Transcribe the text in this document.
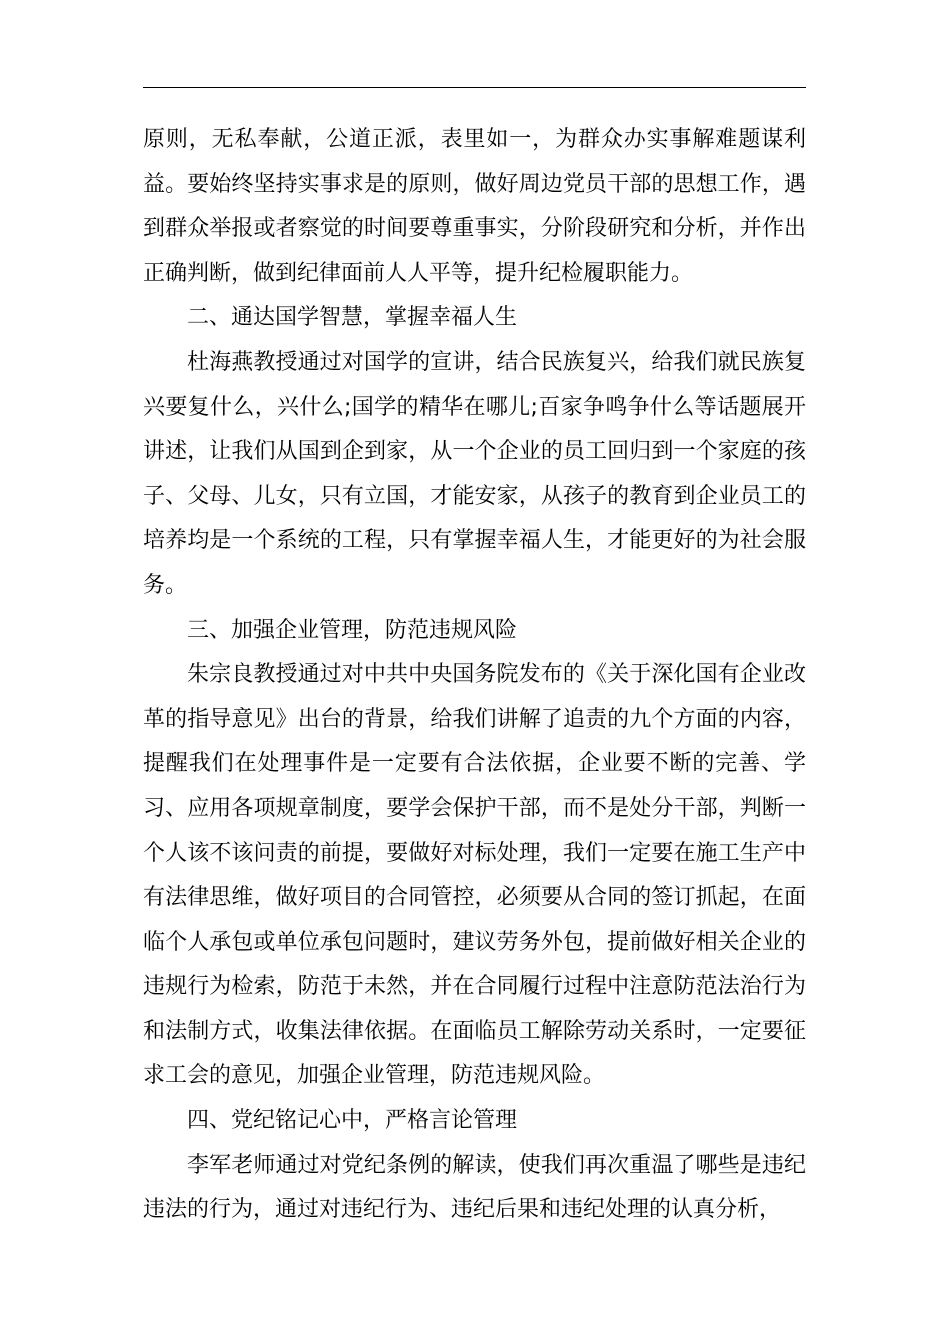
原则，无私奉献，公道正派，表里如一，为群众办实事解难题谋利益。要始终坚持实事求是的原则，做好周边党员干部的思想工作，遇到群众举报或者察觉的时间要尊重事实，分阶段研究和分析，并作出正确判断，做到纪律面前人人平等，提升纪检履职能力。

二、通达国学智慧，掌握幸福人生

杜海燕教授通过对国学的宣讲，结合民族复兴，给我们就民族复兴要复什么，兴什么;国学的精华在哪儿;百家争鸣争什么等话题展开讲述，让我们从国到企到家，从一个企业的员工回归到一个家庭的孩子、父母、儿女，只有立国，才能安家，从孩子的教育到企业员工的培养均是一个系统的工程，只有掌握幸福人生，才能更好的为社会服务。

三、加强企业管理，防范违规风险

朱宗良教授通过对中共中央国务院发布的《关于深化国有企业改革的指导意见》出台的背景，给我们讲解了追责的九个方面的内容，提醒我们在处理事件是一定要有合法依据，企业要不断的完善、学习、应用各项规章制度，要学会保护干部，而不是处分干部，判断一个人该不该问责的前提，要做好对标处理，我们一定要在施工生产中有法律思维，做好项目的合同管控，必须要从合同的签订抓起，在面临个人承包或单位承包问题时，建议劳务外包，提前做好相关企业的违规行为检索，防范于未然，并在合同履行过程中注意防范法治行为和法制方式，收集法律依据。在面临员工解除劳动关系时，一定要征求工会的意见，加强企业管理，防范违规风险。

四、党纪铭记心中，严格言论管理

李军老师通过对党纪条例的解读，使我们再次重温了哪些是违纪违法的行为，通过对违纪行为、违纪后果和违纪处理的认真分析，
